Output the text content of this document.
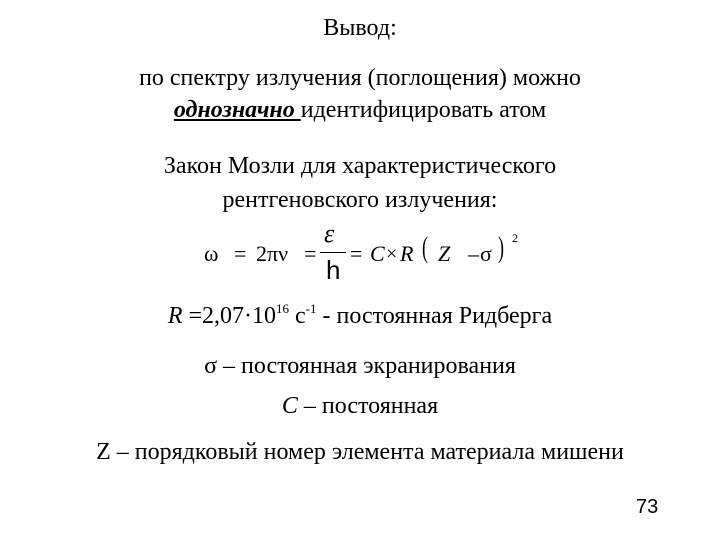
Вывод:
по спектру излучения (поглощения) можно
однозначно идентифицировать атом
Закон Мозли для характеристического
рентгеновского излучения:
ω = 2πν =
ε
h
= C × R ( Z – σ ) 2
$R =2,07\cdot 10^{16}$ $с^{-1}$ - постоянная Ридберга
σ – постоянная экранирования
C – постоянная
Z – порядковый номер элемента материала мишени
73
